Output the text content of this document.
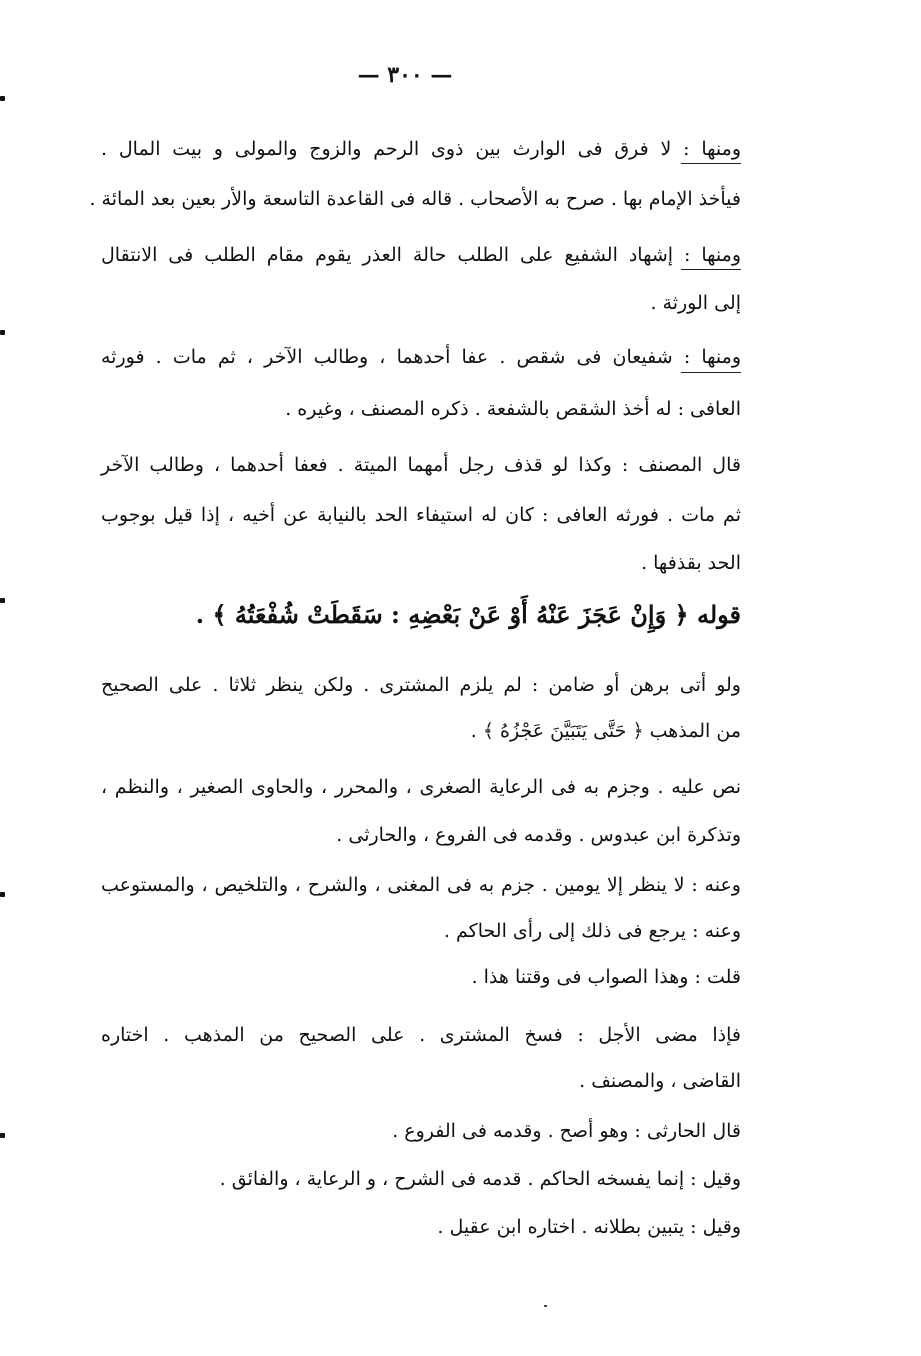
— ٣٠٠ —
ومنها : لا فرق فى الوارث بين ذوى الرحم والزوج والمولى و بيت المال .
فيأخذ الإمام بها . صرح به الأصحاب . قاله فى القاعدة التاسعة والأر بعين بعد المائة .
ومنها : إشهاد الشفيع على الطلب حالة العذر يقوم مقام الطلب فى الانتقال
إلى الورثة .
ومنها : شفيعان فى شقص . عفا أحدهما ، وطالب الآخر ، ثم مات . فورثه
العافى : له أخذ الشقص بالشفعة . ذكره المصنف ، وغيره .
قال المصنف : وكذا لو قذف رجل أمهما الميتة . فعفا أحدهما ، وطالب الآخر
ثم مات . فورثه العافى : كان له استيفاء الحد بالنيابة عن أخيه ، إذا قيل بوجوب
الحد بقذفها .
قوله ﴿ وَإِنْ عَجَزَ عَنْهُ أَوْ عَنْ بَعْضِهِ : سَقَطَتْ شُفْعَتُهُ ﴾ .
ولو أتى برهن أو ضامن : لم يلزم المشترى . ولكن ينظر ثلاثا . على الصحيح
من المذهب ﴿ حَتَّى يَتَبَيَّنَ عَجْزُهُ ﴾ .
نص عليه . وجزم به فى الرعاية الصغرى ، والمحرر ، والحاوى الصغير ، والنظم ،
وتذكرة ابن عبدوس . وقدمه فى الفروع ، والحارثى .
وعنه : لا ينظر إلا يومين . جزم به فى المغنى ، والشرح ، والتلخيص ، والمستوعب
وعنه : يرجع فى ذلك إلى رأى الحاكم .
قلت : وهذا الصواب فى وقتنا هذا .
فإذا مضى الأجل : فسخ المشترى . على الصحيح من المذهب . اختاره
القاضى ، والمصنف .
قال الحارثى : وهو أصح . وقدمه فى الفروع .
وقيل : إنما يفسخه الحاكم . قدمه فى الشرح ، و الرعاية ، والفائق .
وقيل : يتبين بطلانه . اختاره ابن عقيل .
